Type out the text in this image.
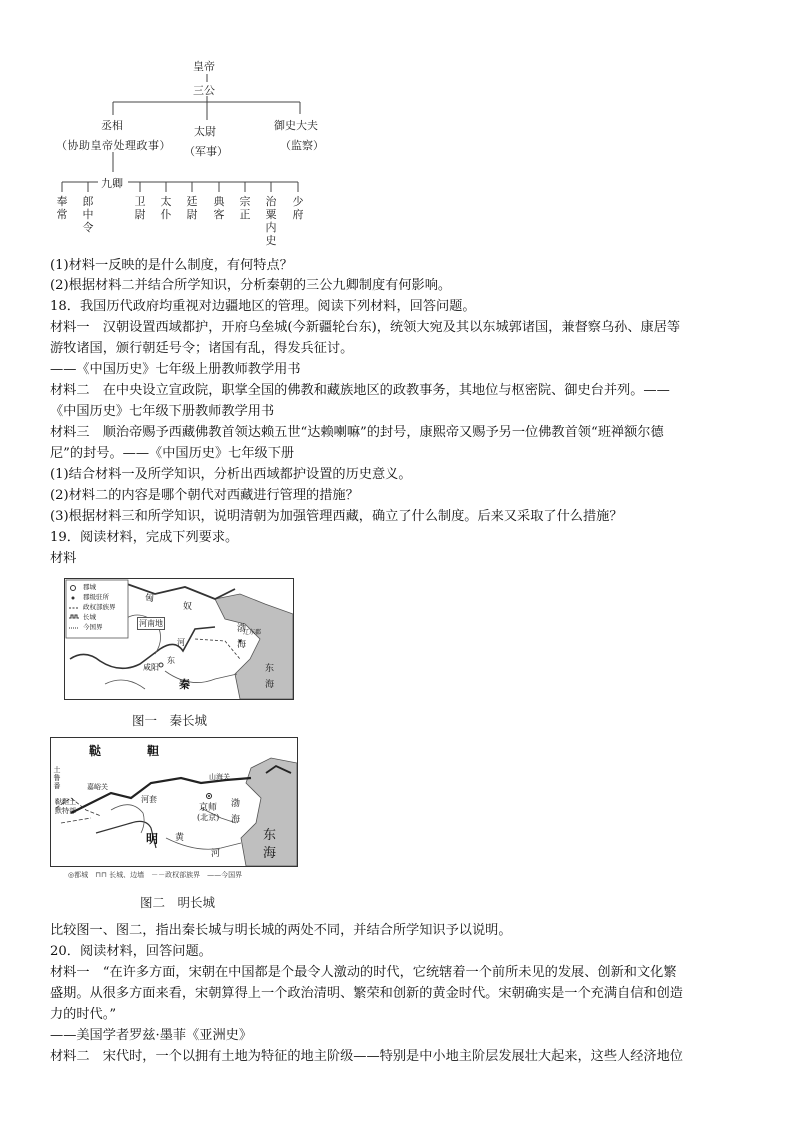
皇帝
三公
丞相
（协助皇帝处理政事）
太尉
（军事）
御史大夫
（监察）
九卿
奉常
郎中令
卫尉
太仆
廷尉
典客
宗正
治粟内史
少府
(1)材料一反映的是什么制度，有何特点？
(2)根据材料二并结合所学知识，分析秦朝的三公九卿制度有何影响。
18．我国历代政府均重视对边疆地区的管理。阅读下列材料，回答问题。
材料一　汉朝设置西域都护，开府乌垒城(今新疆轮台东)，统领大宛及其以东城郭诸国，兼督察乌孙、康居等
游牧诸国，颁行朝廷号令；诸国有乱，得发兵征讨。
——《中国历史》七年级上册教师教学用书
材料二　在中央设立宣政院，职掌全国的佛教和藏族地区的政教事务，其地位与枢密院、御史台并列。——
《中国历史》七年级下册教师教学用书
材料三　顺治帝赐予西藏佛教首领达赖五世“达赖喇嘛”的封号，康熙帝又赐予另一位佛教首领“班禅额尔德
尼”的封号。——《中国历史》七年级下册
(1)结合材料一及所学知识，分析出西域都护设置的历史意义。
(2)材料二的内容是哪个朝代对西藏进行管理的措施？
(3)根据材料三和所学知识，说明清朝为加强管理西藏，确立了什么制度。后来又采取了什么措施？
19．阅读材料，完成下列要求。
材料
郡城
郡级驻所
政权部族界
长城
今国界
匈
奴
河南地
咸阳
秦
河
东
渤
海
东
海
辽东郡
图一　秦长城
鞑	靼
土鲁番	嘉峪关
鞑靼土默特部
河套
山海关
京师
(北京)
明 黄
河
渤
海
东
海
◎都城　⊓⊓ 长城、边墙　－－政权部族界　——今国界
图二　明长城
比较图一、图二，指出秦长城与明长城的两处不同，并结合所学知识予以说明。
20．阅读材料，回答问题。
材料一　“在许多方面，宋朝在中国都是个最令人激动的时代，它统辖着一个前所未见的发展、创新和文化繁
盛期。从很多方面来看，宋朝算得上一个政治清明、繁荣和创新的黄金时代。宋朝确实是一个充满自信和创造
力的时代。”
——美国学者罗兹·墨菲《亚洲史》
材料二　宋代时，一个以拥有土地为特征的地主阶级——特别是中小地主阶层发展壮大起来，这些人经济地位
